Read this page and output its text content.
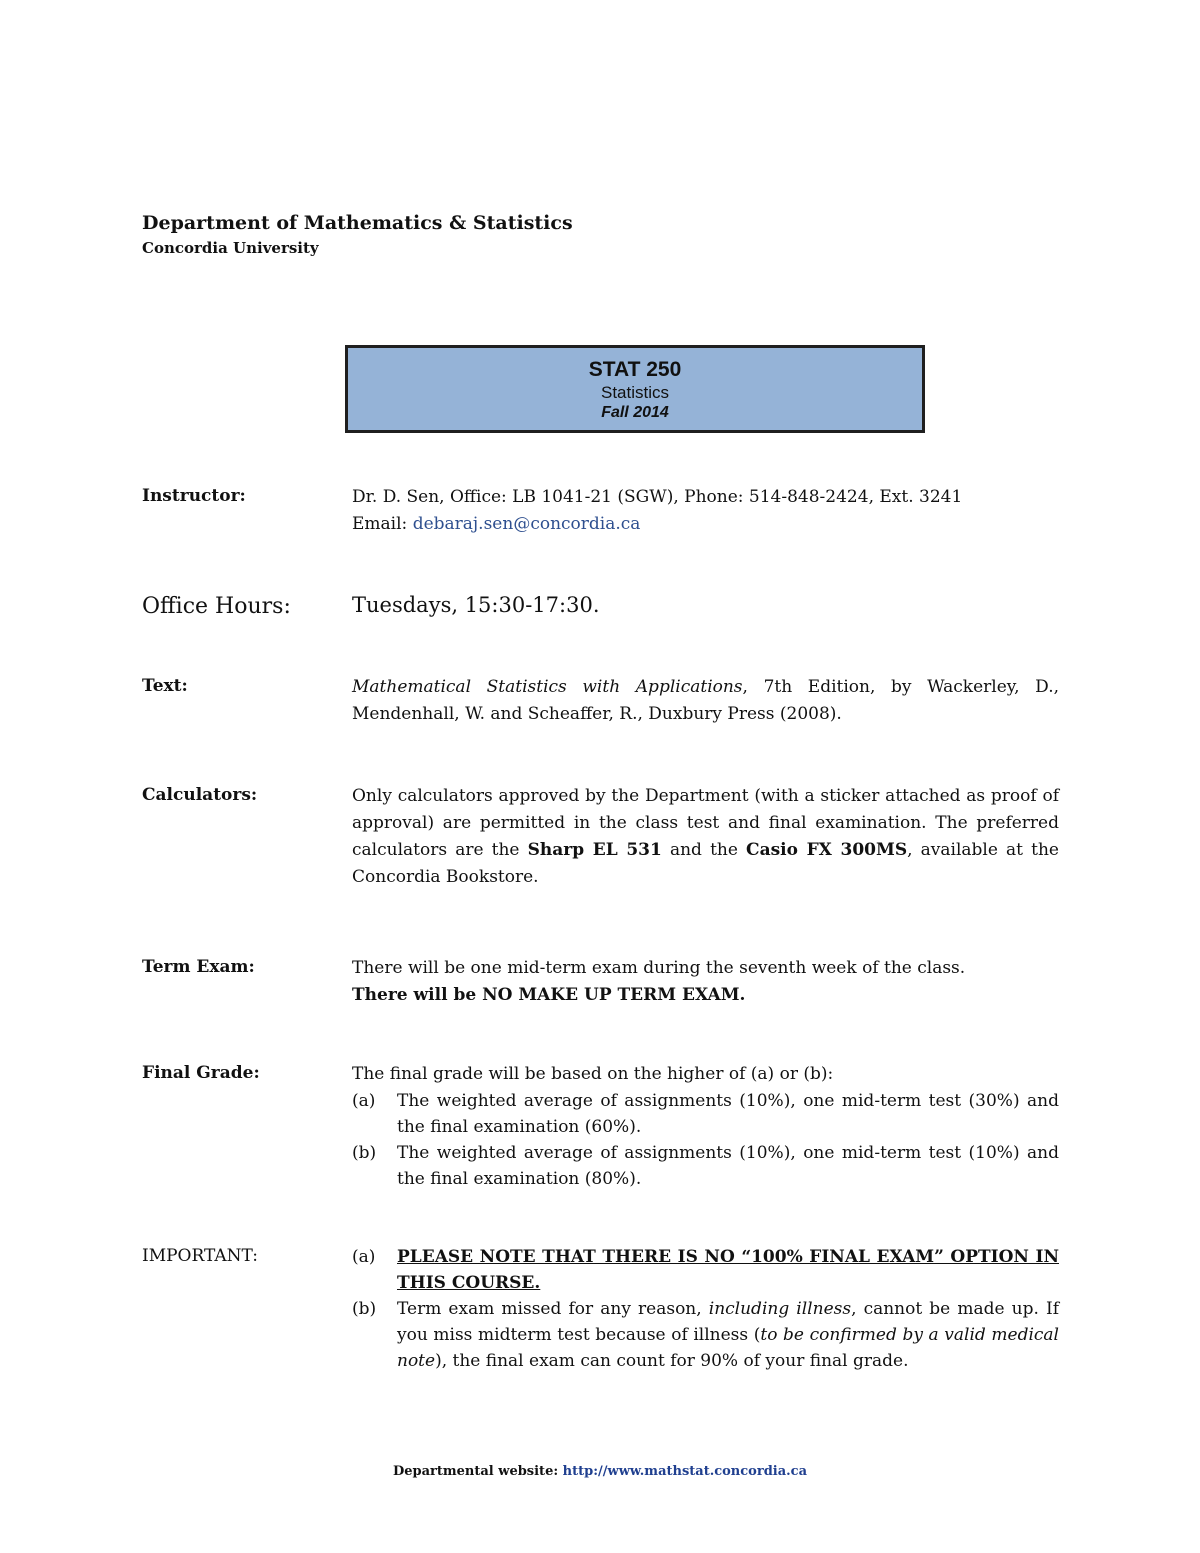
Department of Mathematics & Statistics
Concordia University
STAT 250
Statistics
Fall 2014
Instructor:	Dr. D. Sen, Office: LB 1041-21 (SGW), Phone: 514-848-2424, Ext. 3241

Email: debaraj.sen@concordia.ca

Office Hours:	Tuesdays, 15:30-17:30.
Text:	Mathematical Statistics with Applications, 7th Edition, by Wackerley, D., Mendenhall, W. and Scheaffer, R., Duxbury Press (2008).

Calculators:	Only calculators approved by the Department (with a sticker attached as proof of approval) are permitted in the class test and final examination. The preferred calculators are the Sharp EL 531 and the Casio FX 300MS, available at the Concordia Bookstore.

Term Exam:	There will be one mid-term exam during the seventh week of the class.

There will be NO MAKE UP TERM EXAM.

Final Grade:	The final grade will be based on the higher of (a) or (b):

(a) The weighted average of assignments (10%), one mid-term test (30%) and the final examination (60%).
(b) The weighted average of assignments (10%), one mid-term test (10%) and the final examination (80%).
IMPORTANT:	(a) PLEASE NOTE THAT THERE IS NO “100% FINAL EXAM” OPTION IN THIS COURSE.
(b) Term exam missed for any reason, including illness, cannot be made up. If you miss midterm test because of illness (to be confirmed by a valid medical note), the final exam can count for 90% of your final grade.
Departmental website: http://www.mathstat.concordia.ca
